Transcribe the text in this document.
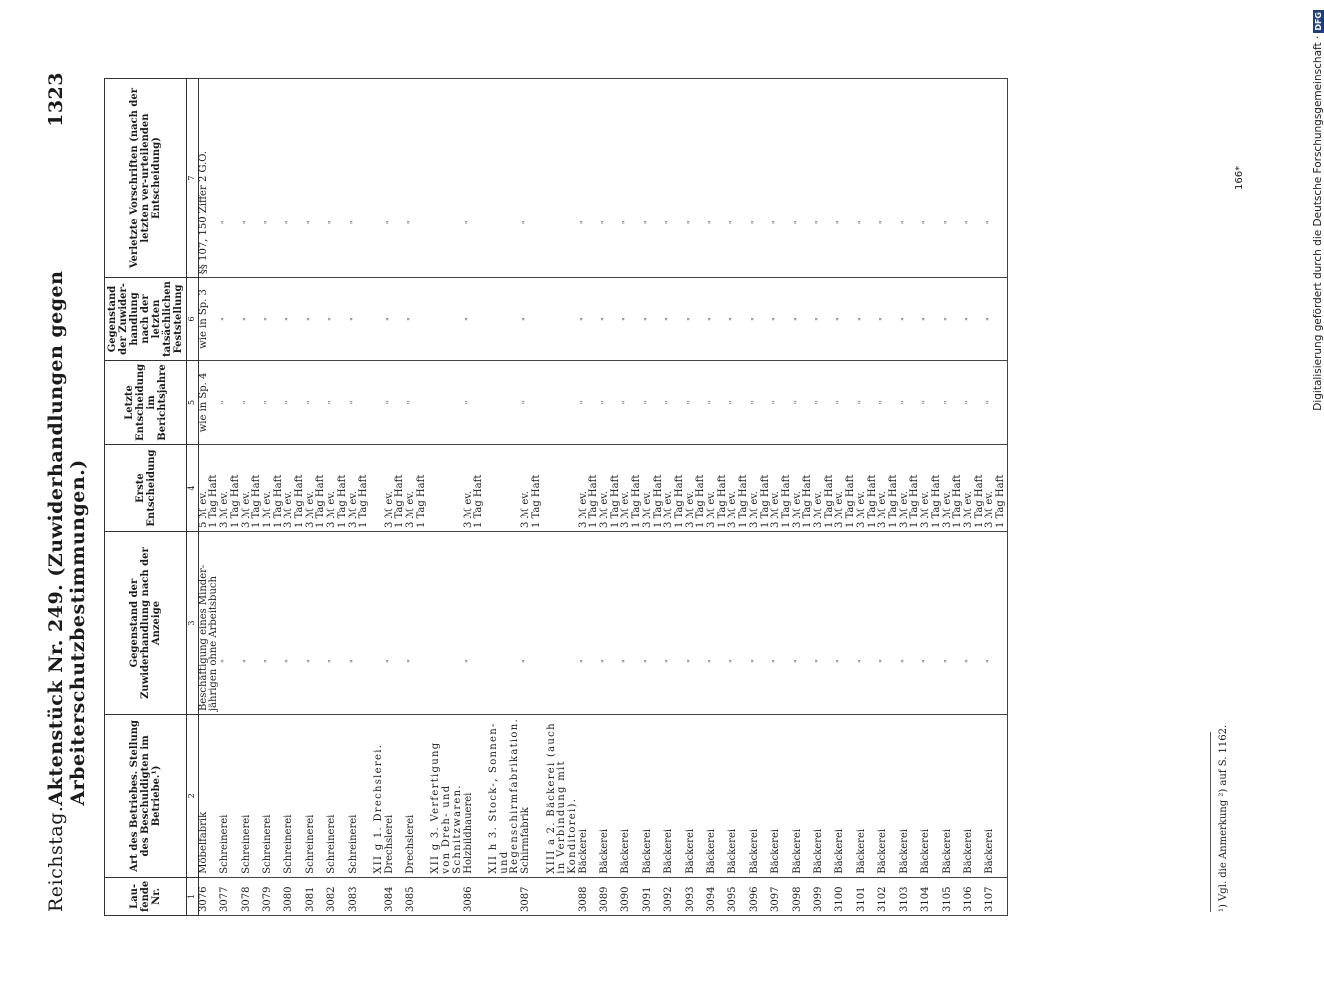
Reichstag.
Aktenstück Nr. 249. (Zuwiderhandlungen gegen Arbeiterschutzbestimmungen.)
1323
Lau-fende Nr.	Art des Betriebes. Stellung des Beschuldigten im Betriebe.¹)	Gegenstand der Zuwiderhandlung nach der Anzeige	Erste Entscheidung	Letzte Entscheidung im Berichtsjahre	Gegenstand der Zuwider-handlung nach der letzten tatsächlichen Feststellung	Verletzte Vorschriften (nach der letzten ver-urteilenden Entscheidung)
1	2	3	4	5	6	7
3076	Möbelfabrik	Beschäftigung eines Minder-jährigen ohne Arbeitsbuch	5 ℳ ev. 1 Tag Haft	wie in Sp. 4	wie in Sp. 3	§§ 107, 150 Ziffer 2 G.O.
3077	Schreinerei	"	3 ℳ ev. 1 Tag Haft	"	"	"
3078	Schreinerei	"	3 ℳ ev. 1 Tag Haft	"	"	"
3079	Schreinerei	"	1 ℳ ev. 1 Tag Haft	"	"	"
3080	Schreinerei	"	3 ℳ ev. 1 Tag Haft	"	"	"
3081	Schreinerei	"	3 ℳ ev. 1 Tag Haft	"	"	"
3082	Schreinerei	"	3 ℳ ev. 1 Tag Haft	"	"	"
3083	Schreinerei	"	3 ℳ ev. 1 Tag Haft	"	"	"
	XII g 1. Drechslerei.					
3084	Drechslerei	"	3 ℳ ev. 1 Tag Haft	"	"	"
3085	Drechslerei	"	3 ℳ ev. 1 Tag Haft	"	"	"
	XII g 3. Verfertigung von Dreh- und Schnitzwaren.					
3086	Holzbildhauerei	"	3 ℳ ev. 1 Tag Haft	"	"	"
	XII h 3. Stock-, Sonnen- und Regenschirmfabrikation.					
3087	Schirmfabrik	"	3 ℳ ev. 1 Tag Haft	"	"	"
	XIII a 2. Bäckerei (auch in Verbindung mit Konditorei).					
3088	Bäckerei	"	3 ℳ ev. 1 Tag Haft	"	"	"
3089	Bäckerei	"	3 ℳ ev. 1 Tag Haft	"	"	"
3090	Bäckerei	"	3 ℳ ev. 1 Tag Haft	"	"	"
3091	Bäckerei	"	3 ℳ ev. 1 Tag Haft	"	"	"
3092	Bäckerei	"	3 ℳ ev. 1 Tag Haft	"	"	"
3093	Bäckerei	"	3 ℳ ev. 1 Tag Haft	"	"	"
3094	Bäckerei	"	3 ℳ ev. 1 Tag Haft	"	"	"
3095	Bäckerei	"	3 ℳ ev. 1 Tag Haft	"	"	"
3096	Bäckerei	"	3 ℳ ev. 1 Tag Haft	"	"	"
3097	Bäckerei	"	3 ℳ ev. 1 Tag Haft	"	"	"
3098	Bäckerei	"	3 ℳ ev. 1 Tag Haft	"	"	"
3099	Bäckerei	"	3 ℳ ev. 1 Tag Haft	"	"	"
3100	Bäckerei	"	3 ℳ ev. 1 Tag Haft	"	"	"
3101	Bäckerei	"	3 ℳ ev. 1 Tag Haft	"	"	"
3102	Bäckerei	"	3 ℳ ev. 1 Tag Haft	"	"	"
3103	Bäckerei	"	3 ℳ ev. 1 Tag Haft	"	"	"
3104	Bäckerei	"	3 ℳ ev. 1 Tag Haft	"	"	"
3105	Bäckerei	"	3 ℳ ev. 1 Tag Haft	"	"	"
3106	Bäckerei	"	3 ℳ ev. 1 Tag Haft	"	"	"
3107	Bäckerei	"	3 ℳ ev. 1 Tag Haft	"	"	"
¹) Vgl. die Anmerkung ²) auf S. 1162.
166*	Digitalisierung gefördert durch die Deutsche Forschungsgemeinschaft ·
DFG
